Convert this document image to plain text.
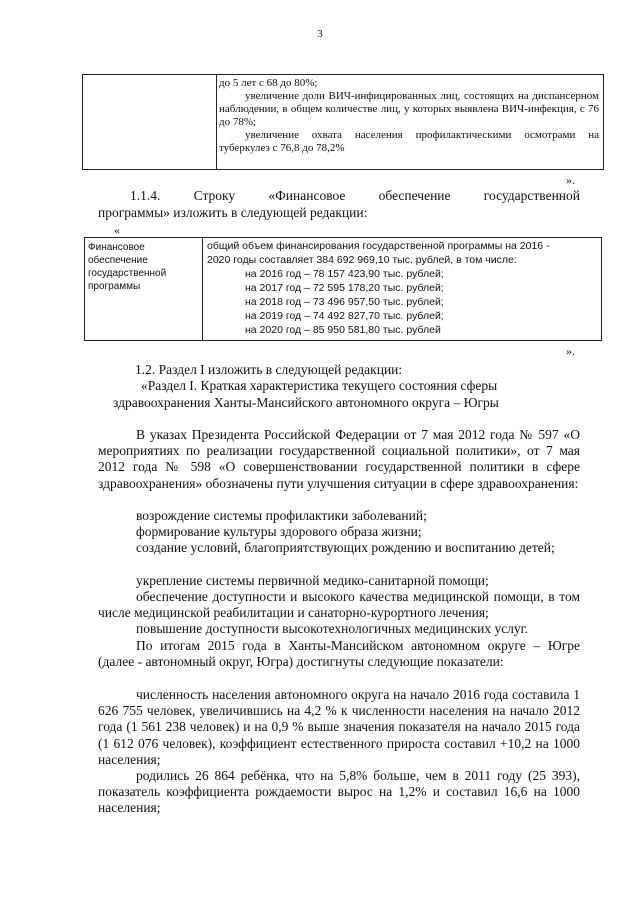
3

до 5 лет с 68 до 80%;

увеличение доли ВИЧ-инфицированных лиц, состоящих на диспансерном наблюдении, в общем количестве лиц, у которых выявлена ВИЧ-инфекция, с 76 до 78%;

увеличение охвата населения профилактическими осмотрами на туберкулез с 76,8 до 78,2%

».
1.1.4. Строку «Финансовое обеспечение государственной
программы» изложить в следующей редакции:
«
Финансовое
обеспечение
государственной
программы
общий объем финансирования государственной программы на 2016 -
2020 годы составляет 384 692 969,10 тыс. рублей, в том числе:
на 2016 год – 78 157 423,90 тыс. рублей;
на 2017 год – 72 595 178,20 тыс. рублей;
на 2018 год – 73 496 957,50 тыс. рублей;
на 2019 год – 74 492 827,70 тыс. рублей;
на 2020 год – 85 950 581,80 тыс. рублей
».
1.2. Раздел I изложить в следующей редакции:
«Раздел I. Краткая характеристика текущего состояния сферы
здравоохранения Ханты-Мансийского автономного округа – Югры
В указах Президента Российской Федерации от 7 мая 2012 года № 597 «О мероприятиях по реализации государственной социальной политики», от 7 мая 2012 года № 598 «О совершенствовании государственной политики в сфере здравоохранения» обозначены пути улучшения ситуации в сфере здравоохранения:
возрождение системы профилактики заболеваний;
формирование культуры здорового образа жизни;
создание условий, благоприятствующих рождению и воспитанию детей;
укрепление системы первичной медико-санитарной помощи;
обеспечение доступности и высокого качества медицинской помощи, в том числе медицинской реабилитации и санаторно-курортного лечения;
повышение доступности высокотехнологичных медицинских услуг.
По итогам 2015 года в Ханты-Мансийском автономном округе – Югре (далее - автономный округ, Югра) достигнуты следующие показатели:
численность населения автономного округа на начало 2016 года составила 1 626 755 человек, увеличившись на 4,2 % к численности населения на начало 2012 года (1 561 238 человек) и на 0,9 % выше значения показателя на начало 2015 года (1 612 076 человек), коэффициент естественного прироста составил +10,2 на 1000 населения;
родились 26 864 ребёнка, что на 5,8% больше, чем в 2011 году (25 393), показатель коэффициента рождаемости вырос на 1,2% и составил 16,6 на 1000 населения;
